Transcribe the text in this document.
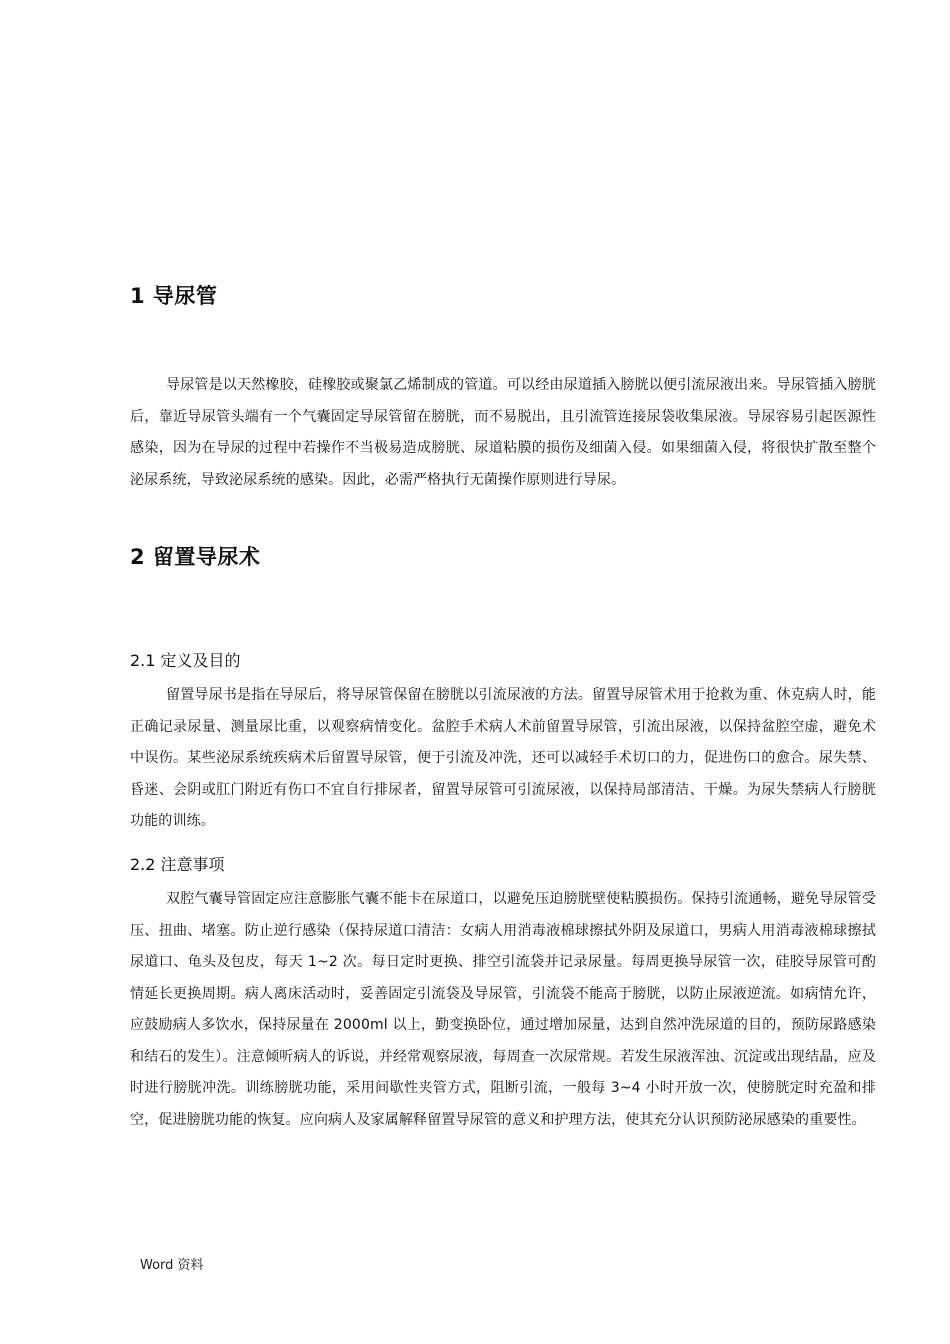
1 导尿管

导尿管是以天然橡胶，硅橡胶或聚氯乙烯制成的管道。可以经由尿道插入膀胱以便引流尿液出来。导尿管插入膀胱后，靠近导尿管头端有一个气囊固定导尿管留在膀胱，而不易脱出，且引流管连接尿袋收集尿液。导尿容易引起医源性感染，因为在导尿的过程中若操作不当极易造成膀胱、尿道粘膜的损伤及细菌入侵。如果细菌入侵，将很快扩散至整个泌尿系统，导致泌尿系统的感染。因此，必需严格执行无菌操作原则进行导尿。

2 留置导尿术
2.1 定义及目的

留置导尿书是指在导尿后，将导尿管保留在膀胱以引流尿液的方法。留置导尿管术用于抢救为重、休克病人时，能正确记录尿量、测量尿比重，以观察病情变化。盆腔手术病人术前留置导尿管，引流出尿液，以保持盆腔空虚，避免术中误伤。某些泌尿系统疾病术后留置导尿管，便于引流及冲洗，还可以减轻手术切口的力，促进伤口的愈合。尿失禁、昏迷、会阴或肛门附近有伤口不宜自行排尿者，留置导尿管可引流尿液，以保持局部清洁、干燥。为尿失禁病人行膀胱功能的训练。

2.2 注意事项

双腔气囊导管固定应注意膨胀气囊不能卡在尿道口，以避免压迫膀胱壁使粘膜损伤。保持引流通畅，避免导尿管受压、扭曲、堵塞。防止逆行感染（保持尿道口清洁：女病人用消毒液棉球擦拭外阴及尿道口，男病人用消毒液棉球擦拭尿道口、龟头及包皮，每天 1~2 次。每日定时更换、排空引流袋并记录尿量。每周更换导尿管一次，硅胶导尿管可酌情延长更换周期。病人离床活动时，妥善固定引流袋及导尿管，引流袋不能高于膀胱，以防止尿液逆流。如病情允许，应鼓励病人多饮水，保持尿量在 2000ml 以上，勤变换卧位，通过增加尿量，达到自然冲洗尿道的目的，预防尿路感染和结石的发生）。注意倾听病人的诉说，并经常观察尿液，每周查一次尿常规。若发生尿液浑浊、沉淀或出现结晶，应及时进行膀胱冲洗。训练膀胱功能，采用间歇性夹管方式，阻断引流，一般每 3~4 小时开放一次，使膀胱定时充盈和排空，促进膀胱功能的恢复。应向病人及家属解释留置导尿管的意义和护理方法，使其充分认识预防泌尿感染的重要性。

Word 资料
